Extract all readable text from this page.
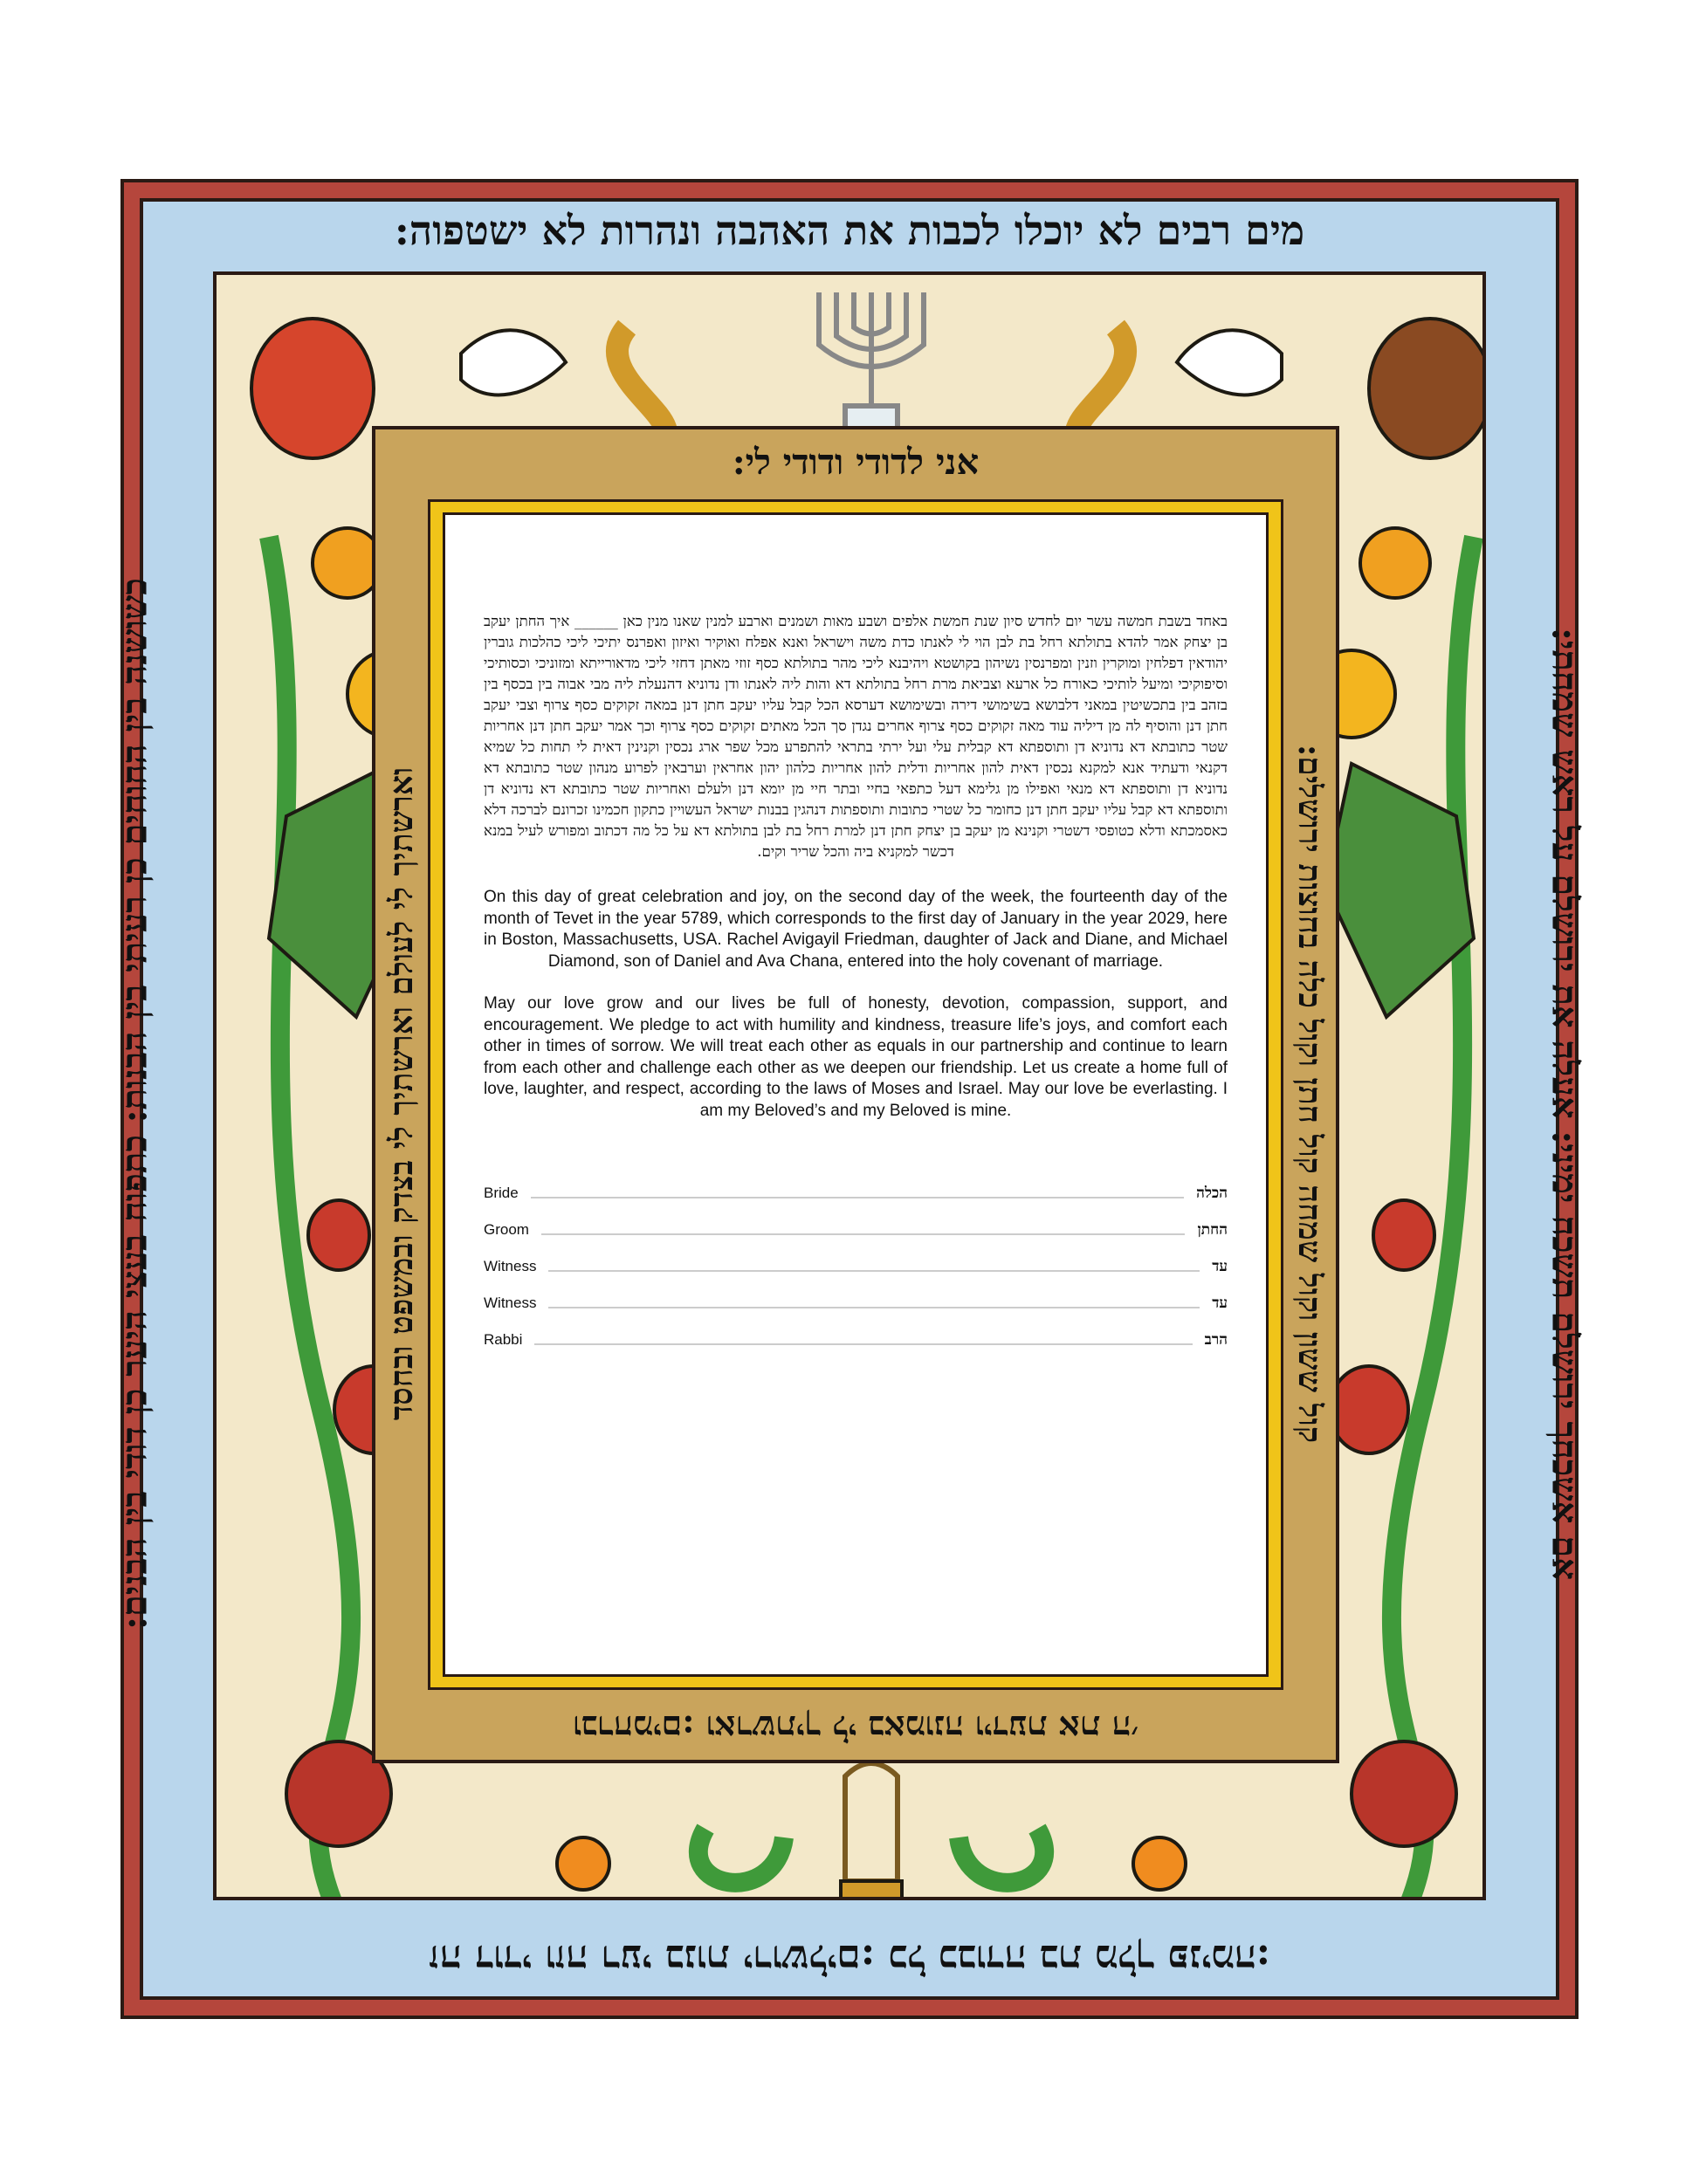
מים רבים לא יוכלו לכבות את האהבה ונהרות לא ישטפוה:
זה דודי וזה רעי בנות ירושלים: כל כבודה בת מלך פנימה:
אם אשכחך ירושלם תשכח ימיני: אעלה את ירושלם על ראש שמחתי:
כשושנה בין החוחים כן רעיתי בין הבנות: כתפוח בעצי היער כן דודי בין הבנים:
אני לדודי ודודי לי:
וברחמים: וארשתיך לי באמונה וידעת את ה׳
וארשתיך לי לעולם וארשתיך לי בצדק ובמשפט ובחסד	קול ששון וקול שמחה קול חתן וקול כלה בחוצות ירושלים:
באחד בשבת חמשה עשר יום לחדש סיון שנת חמשת אלפים ושבע מאות ושמנים וארבע למנין שאנו מנין כאן ______ איך החתן יעקב בן יצחק אמר להדא בתולתא רחל בת לבן הוי לי לאנתו כדת משה וישראל ואנא אפלח ואוקיר ואיזון ואפרנס יתיכי ליכי כהלכות גוברין יהודאין דפלחין ומוקרין וזנין ומפרנסין נשיהון בקושטא ויהיבנא ליכי מהר בתולתא כסף זוזי מאתן דחזי ליכי מדאורייתא ומזוניכי וכסותיכי וסיפוקיכי ומיעל לותיכי כאורח כל ארעא וצביאת מרת רחל בתולתא דא והות ליה לאנתו ודן נדוניא דהנעלת ליה מבי אבוה בין בכסף בין בזהב בין בתכשיטין במאני דלבושא בשימושי דירה ובשימושא דערסא הכל קבל עליו יעקב חתן דנן במאה זקוקים כסף צרוף וצבי יעקב חתן דנן והוסיף לה מן דיליה עוד מאה זקוקים כסף צרוף אחרים נגדן סך הכל מאתים זקוקים כסף צרוף וכך אמר יעקב חתן דנן אחריות שטר כתובתא דא נדוניא דן ותוספתא דא קבלית עלי ועל ירתי בתראי להתפרע מכל שפר ארג נכסין וקנינין דאית לי תחות כל שמיא דקנאי ודעתיד אנא למקנא נכסין דאית להון אחריות ודלית להון אחריות כלהון יהון אחראין וערבאין לפרוע מנהון שטר כתובתא דא נדוניא דן ותוספתא דא מנאי ואפילו מן גלימא דעל כתפאי בחיי ובתר חיי מן יומא דנן ולעלם ואחריות שטר כתובתא דא נדוניא דן ותוספתא דא קבל עליו יעקב חתן דנן כחומר כל שטרי כתובות ותוספתות דנהגין בבנות ישראל העשויין כתקון חכמינו זכרונם לברכה דלא כאסמכתא ודלא כטופסי דשטרי וקנינא מן יעקב בן יצחק חתן דנן למרת רחל בת לבן בתולתא דא על כל מה דכתוב ומפורש לעיל במנא דכשר למקניא ביה והכל שריר וקים.

On this day of great celebration and joy, on the second day of the week, the fourteenth day of the month of Tevet in the year 5789, which corresponds to the first day of January in the year 2029, here in Boston, Massachusetts, USA. Rachel Avigayil Friedman, daughter of Jack and Diane, and Michael Diamond, son of Daniel and Ava Chana, entered into the holy covenant of marriage.

May our love grow and our lives be full of honesty, devotion, compassion, support, and encouragement. We pledge to act with humility and kindness, treasure life’s joys, and comfort each other in times of sorrow. We will treat each other as equals in our partnership and continue to learn from each other and challenge each other as we deepen our friendship. Let us create a home full of love, laughter, and respect, according to the laws of Moses and Israel. May our love be everlasting. I am my Beloved’s and my Beloved is mine.

Bride	הכלה
Groom	החתן
Witness	עד
Witness	עד
Rabbi	הרב
